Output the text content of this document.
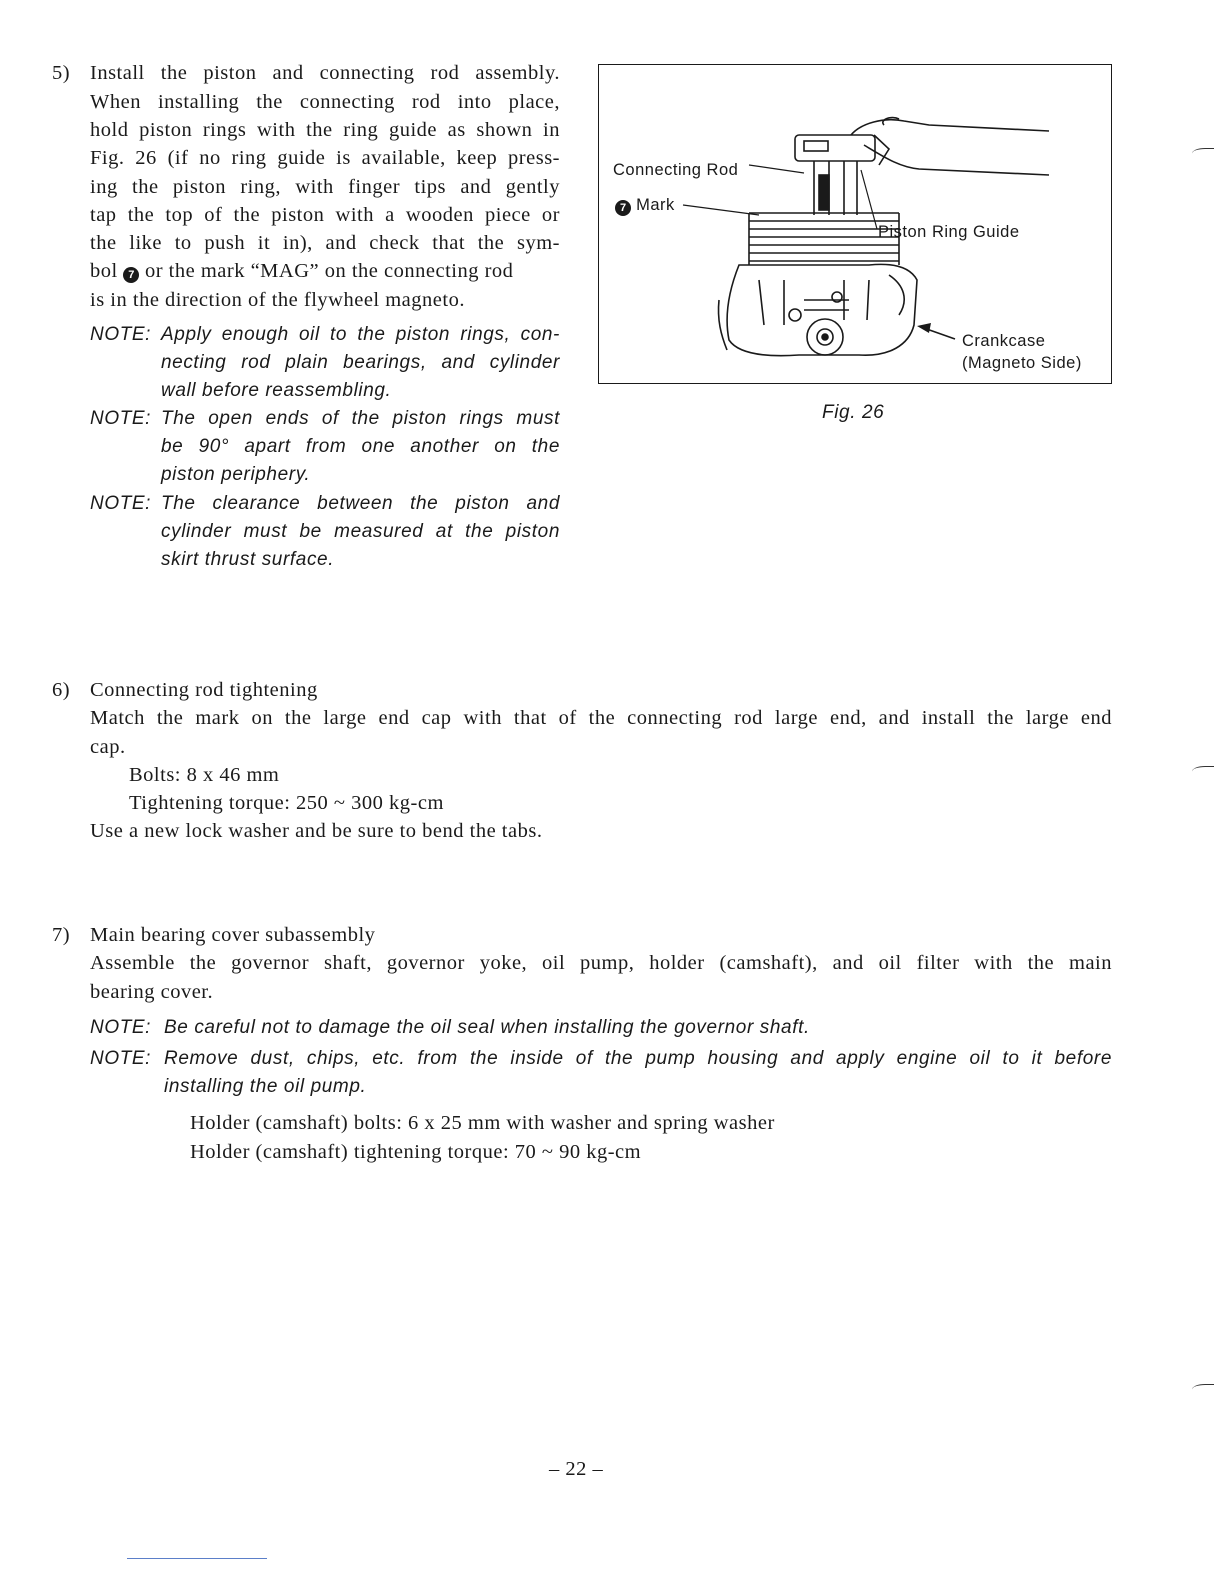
5) Install the piston and connecting rod assembly.
When installing the connecting rod into place,
hold piston rings with the ring guide as shown in
Fig. 26 (if no ring guide is available, keep press-
ing the piston ring, with finger tips and gently
tap the top of the piston with a wooden piece or
the like to push it in), and check that the sym-
bol 7 or the mark “MAG” on the connecting rod
is in the direction of the flywheel magneto.
NOTE: Apply enough oil to the piston rings, con-
necting rod plain bearings, and cylinder
wall before reassembling.
NOTE: The open ends of the piston rings must
be 90° apart from one another on the
piston periphery.
NOTE: The clearance between the piston and
cylinder must be measured at the piston
skirt thrust surface.
Connecting Rod
7 Mark
Piston Ring Guide
Crankcase
(Magneto Side)
Fig. 26
6) Connecting rod tightening
Match the mark on the large end cap with that of the connecting rod large end, and install the large end
cap.
Bolts: 8 x 46 mm
Tightening torque: 250 ~ 300 kg-cm
Use a new lock washer and be sure to bend the tabs.
7) Main bearing cover subassembly
Assemble the governor shaft, governor yoke, oil pump, holder (camshaft), and oil filter with the main
bearing cover.
NOTE: Be careful not to damage the oil seal when installing the governor shaft.
NOTE: Remove dust, chips, etc. from the inside of the pump housing and apply engine oil to it before
installing the oil pump.
Holder (camshaft) bolts: 6 x 25 mm with washer and spring washer
Holder (camshaft) tightening torque: 70 ~ 90 kg-cm
– 22 –
